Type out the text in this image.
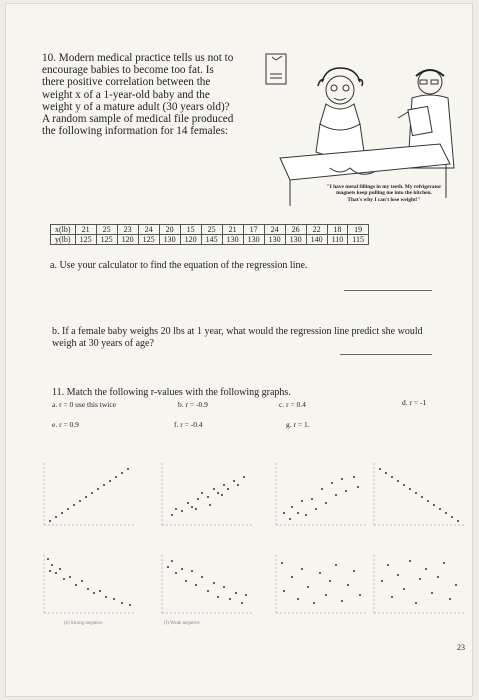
10. Modern medical practice tells us not to
encourage babies to become too fat. Is
there positive correlation between the
weight x of a 1-year-old baby and the
weight y of a mature adult (30 years old)?
A random sample of medical file produced
the following information for 14 females:
"I have metal fillings in my teeth. My refrigerator
magnets keep pulling me into the kitchen.
That's why I can't lose weight!"
x(lb)	21	25	23	24	20	15	25	21	17	24	26	22	18	19
y(lb)	125	125	120	125	130	120	145	130	130	130	130	140	110	115
a. Use your calculator to find the equation of the regression line.
b. If a female baby weighs 20 lbs at 1 year, what would the regression line predict she would
weigh at 30 years of age?
11. Match the following r-values with the following graphs.
a. r = 0 use this twice	b. r = -0.9	c. r = 0.4	d. r = -1
e. r = 0.9	f. r = -0.4	g. r = 1.
(e) Strong negative	(f) Weak negative
23
